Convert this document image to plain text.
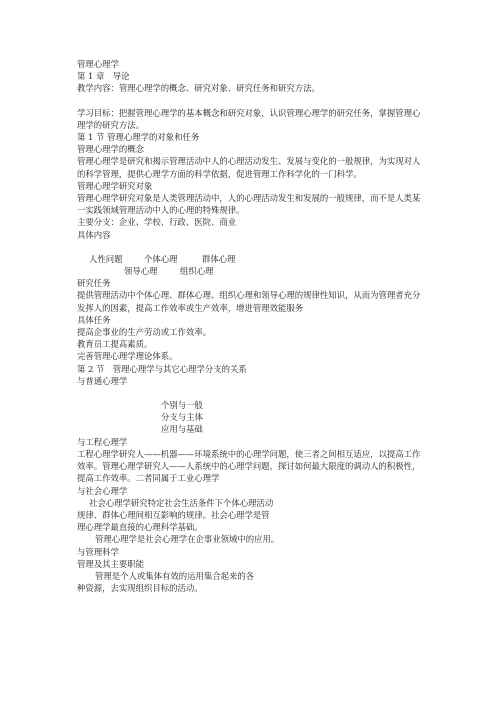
管理心理学
第 1 章　导论
教学内容：管理心理学的概念、研究对象、研究任务和研究方法。
学习目标：把握管理心理学的基本概念和研究对象，认识管理心理学的研究任务，掌握管理心理学的研究方法。
第 1 节 管理心理学的对象和任务
管理心理学的概念
管理心理学是研究和揭示管理活动中人的心理活动发生、发展与变化的一般规律，为实现对人的科学管理，提供心理学方面的科学依据，促进管理工作科学化的一门科学。
管理心理学研究对象
管理心理学研究对象是人类管理活动中，人的心理活动发生和发展的一般规律，而不是人类某一实践领域管理活动中人的心理的特殊规律。
主要分支：企业、学校、行政、医院、商业
具体内容
人性问题	个体心理	群体心理
领导心理	组织心理
研究任务
提供管理活动中个体心理、群体心理、组织心理和领导心理的规律性知识，从而为管理者充分发挥人的因素，提高工作效率或生产效率，增进管理效能服务
具体任务
提高企事业的生产劳动或工作效率。
教育员工提高素质。
完善管理心理学理论体系。
第 2 节　管理心理学与其它心理学分支的关系
与普通心理学
个别与一般
分支与主体
应用与基础
与工程心理学
工程心理学研究人——机器——环境系统中的心理学问题，使三者之间相互适应，以提高工作效率。管理心理学研究人——人系统中的心理学问题，探讨如何最大限度的调动人的积极性，提高工作效率。二者同属于工业心理学
与社会心理学
社会心理学研究特定社会生活条件下个体心理活动
规律、群体心理间相互影响的规律。社会心理学是管
理心理学最直接的心理科学基础。
管理心理学是社会心理学在企事业领域中的应用。
与管理科学
管理及其主要职能
管理是个人或集体有效的运用集合起来的各
种资源，去实现组织目标的活动。
